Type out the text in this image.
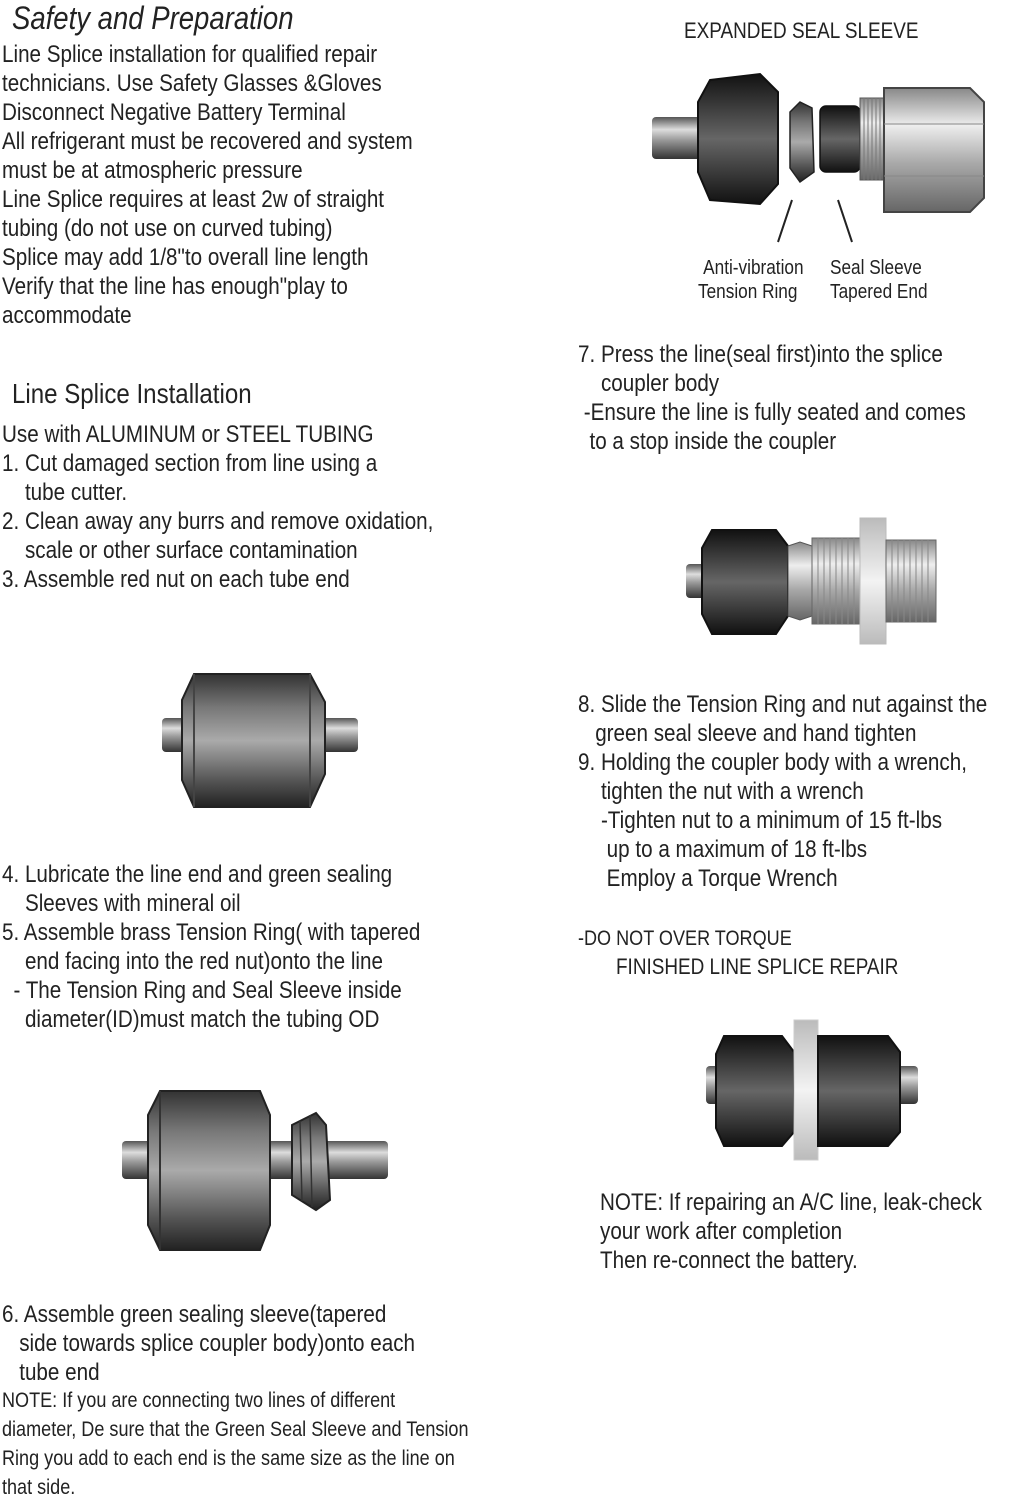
Safety and Preparation
Line Splice installation for qualified repair
technicians. Use Safety Glasses &Gloves
Disconnect Negative Battery Terminal
All refrigerant must be recovered and system
must be at atmospheric pressure
Line Splice requires at least 2w of straight
tubing (do not use on curved tubing)
Splice may add 1/8"to overall line length
Verify that the line has enough"play to
accommodate
Line Splice Installation
Use with ALUMINUM or STEEL TUBING
1. Cut damaged section from line using a
tube cutter.
2. Clean away any burrs and remove oxidation,
scale or other surface contamination
3. Assemble red nut on each tube end
4. Lubricate the line end and green sealing
Sleeves with mineral oil
5. Assemble brass Tension Ring( with tapered
end facing into the red nut)onto the line
- The Tension Ring and Seal Sleeve inside
diameter(ID)must match the tubing OD
6. Assemble green sealing sleeve(tapered
side towards splice coupler body)onto each
tube end
NOTE: If you are connecting two lines of different
diameter, De sure that the Green Seal Sleeve and Tension
Ring you add to each end is the same size as the line on
that side.
EXPANDED SEAL SLEEVE
Anti-vibration
Tension Ring
Seal Sleeve
Tapered End
7. Press the line(seal first)into the splice
coupler body
-Ensure the line is fully seated and comes
to a stop inside the coupler
8. Slide the Tension Ring and nut against the
green seal sleeve and hand tighten
9. Holding the coupler body with a wrench,
tighten the nut with a wrench
-Tighten nut to a minimum of 15 ft-lbs
up to a maximum of 18 ft-lbs
Employ a Torque Wrench
-DO NOT OVER TORQUE
FINISHED LINE SPLICE REPAIR
NOTE: If repairing an A/C line, leak-check
your work after completion
Then re-connect the battery.
